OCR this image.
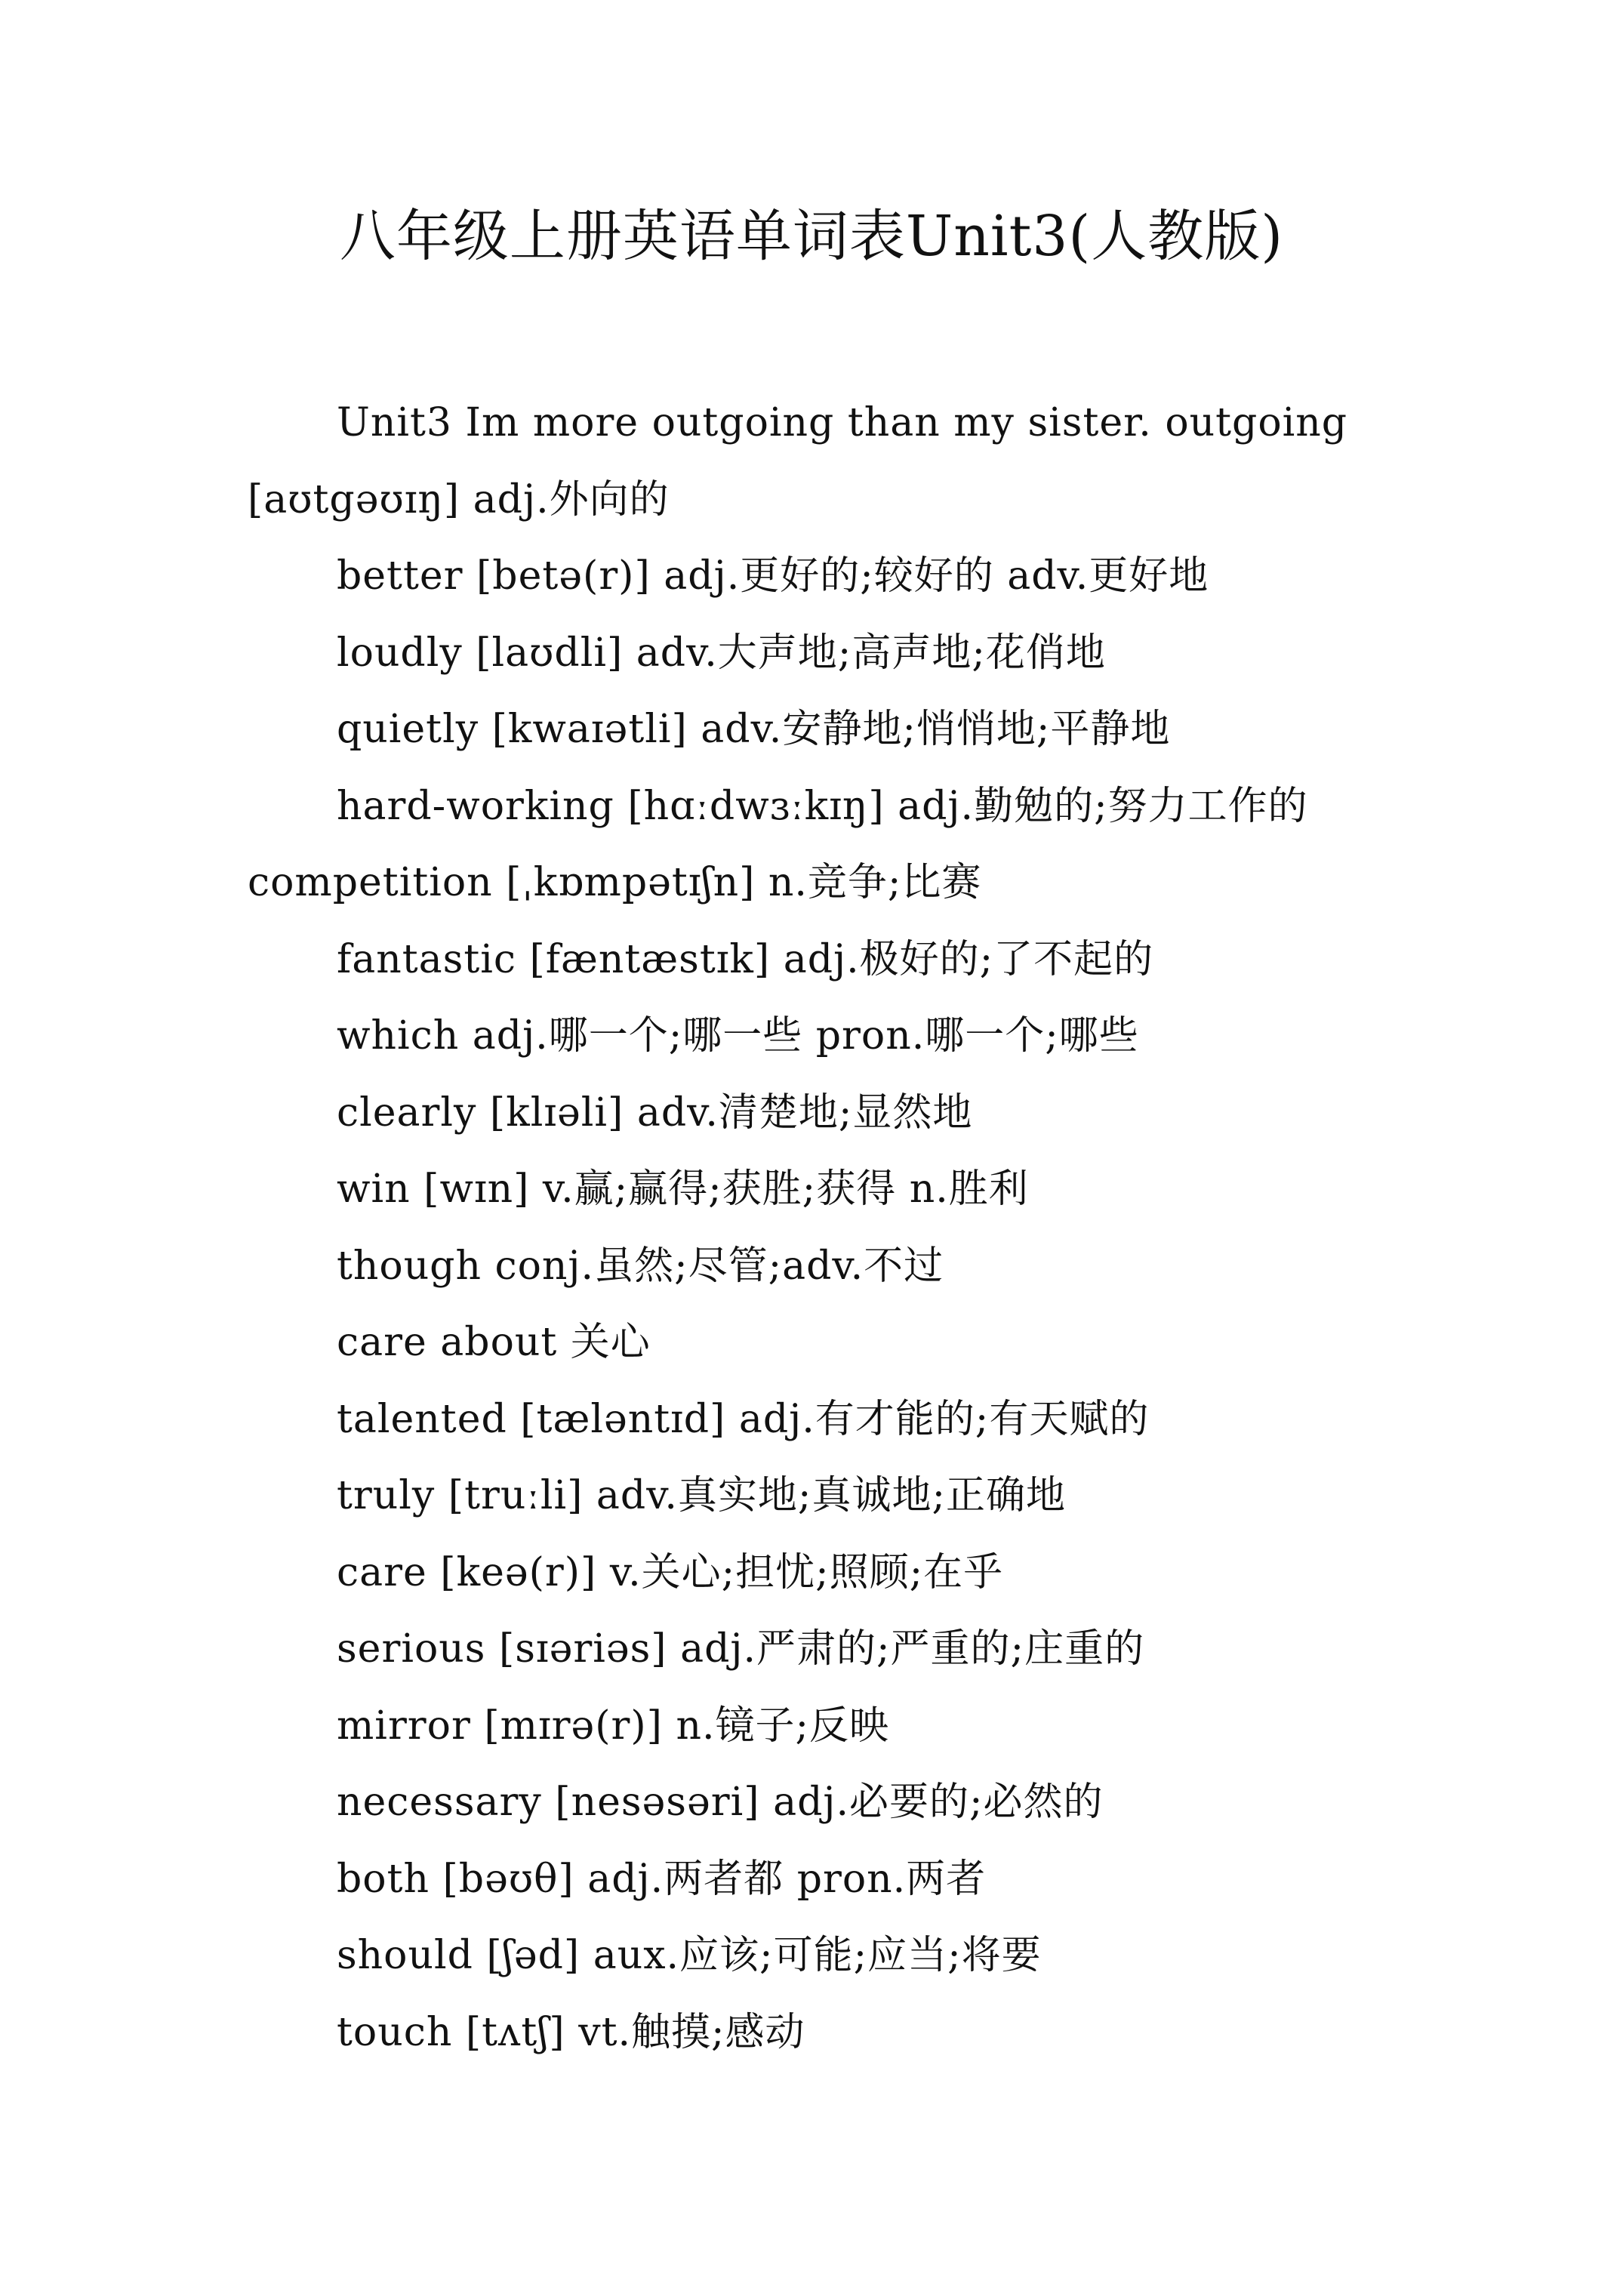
八年级上册英语单词表Unit3(人教版)
Unit3 Im more outgoing than my sister. outgoing
[aʊtgəʊɪŋ] adj.外向的
better [betə(r)] adj.更好的;较好的 adv.更好地
loudly [laʊdli] adv.大声地;高声地;花俏地
quietly [kwaɪətli] adv.安静地;悄悄地;平静地
hard-working [hɑːdwɜːkɪŋ] adj.勤勉的;努力工作的
competition [ˌkɒmpətɪʃn] n.竞争;比赛
fantastic [fæntæstɪk] adj.极好的;了不起的
which adj.哪一个;哪一些 pron.哪一个;哪些
clearly [klɪəli] adv.清楚地;显然地
win [wɪn] v.赢;赢得;获胜;获得 n.胜利
though conj.虽然;尽管;adv.不过
care about 关心
talented [tæləntɪd] adj.有才能的;有天赋的
truly [truːli] adv.真实地;真诚地;正确地
care [keə(r)] v.关心;担忧;照顾;在乎
serious [sɪəriəs] adj.严肃的;严重的;庄重的
mirror [mɪrə(r)] n.镜子;反映
necessary [nesəsəri] adj.必要的;必然的
both [bəʊθ] adj.两者都 pron.两者
should [ʃəd] aux.应该;可能;应当;将要
touch [tʌtʃ] vt.触摸;感动
